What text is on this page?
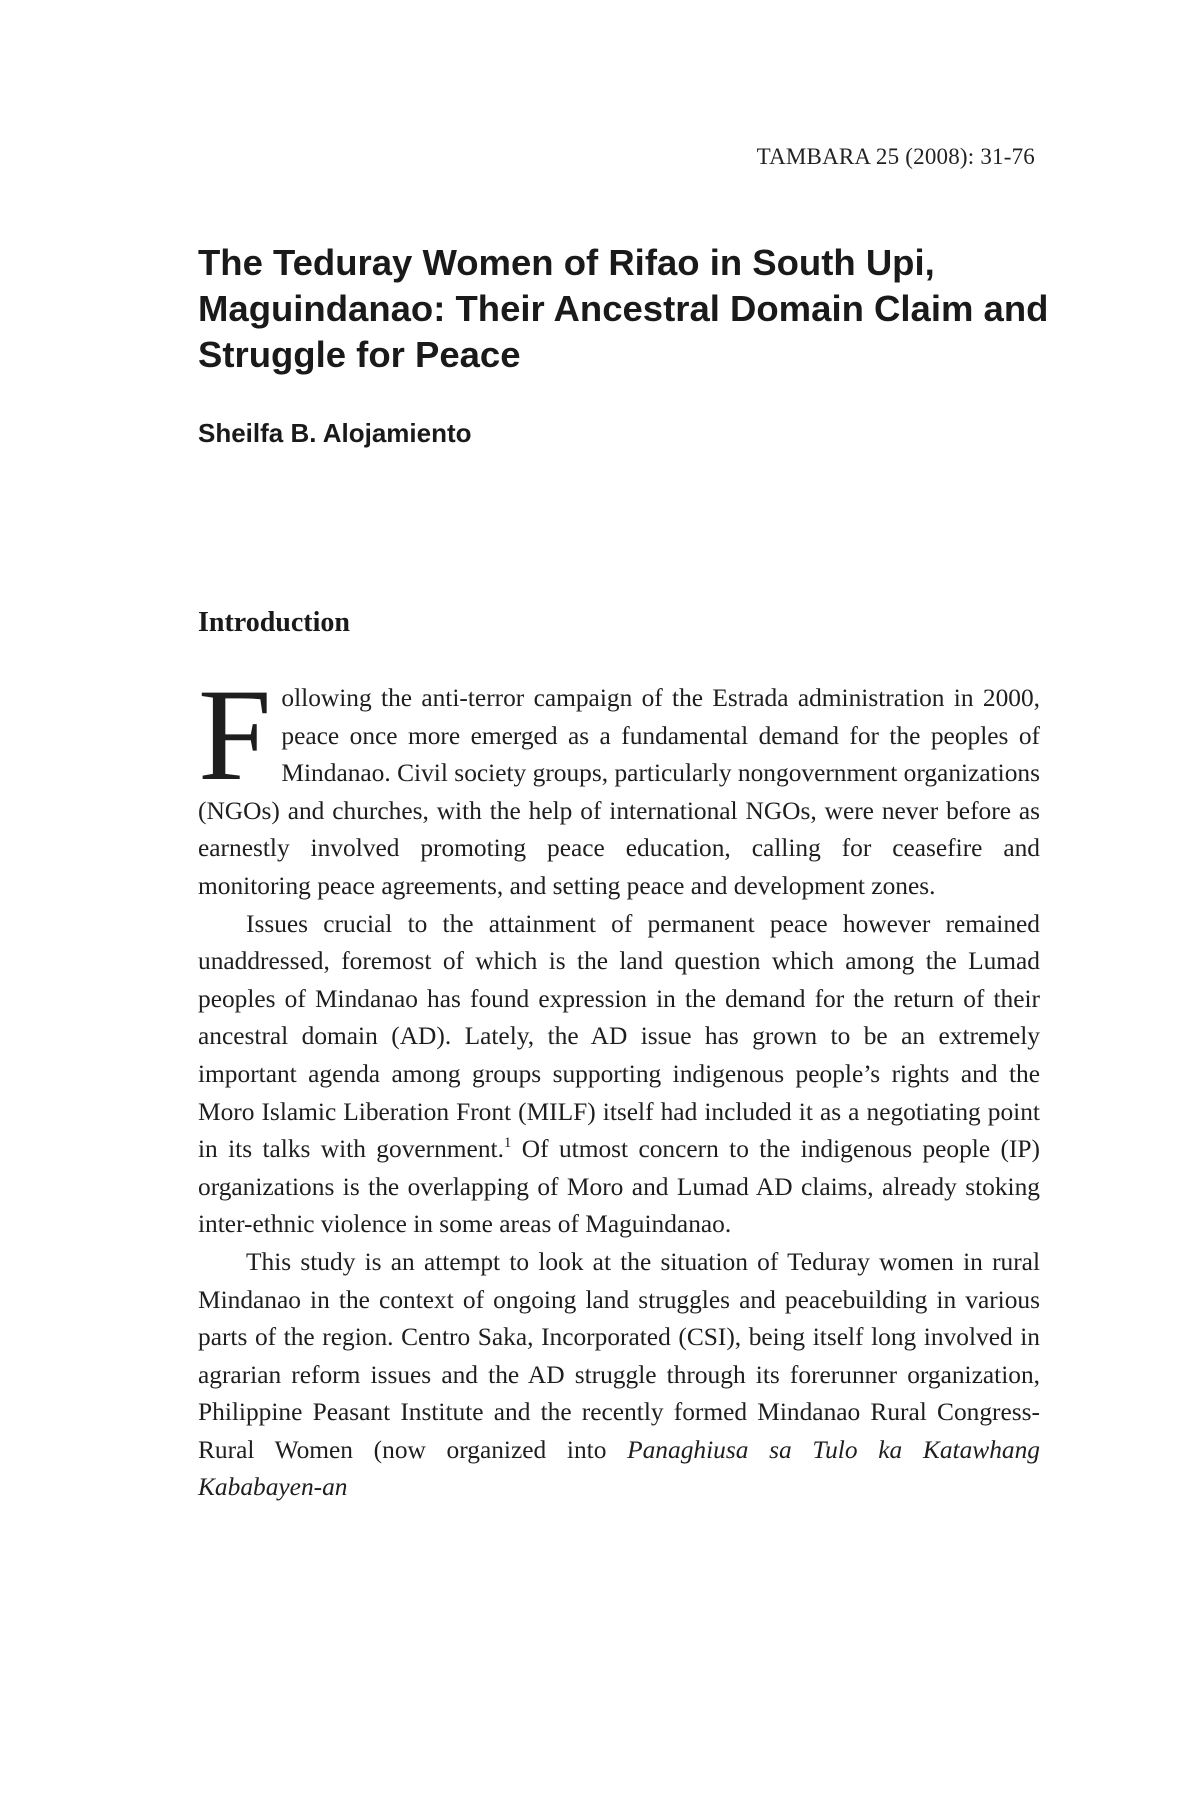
TAMBARA 25 (2008): 31-76
The Teduray Women of Rifao in South Upi, Maguindanao: Their Ancestral Domain Claim and Struggle for Peace

Sheilfa B. Alojamiento

Introduction

Following the anti-terror campaign of the Estrada administration in 2000, peace once more emerged as a fundamental demand for the peoples of Mindanao. Civil society groups, particularly nongovernment organizations (NGOs) and churches, with the help of international NGOs, were never before as earnestly involved promoting peace education, calling for ceasefire and monitoring peace agreements, and setting peace and development zones.

Issues crucial to the attainment of permanent peace however remained unaddressed, foremost of which is the land question which among the Lumad peoples of Mindanao has found expression in the demand for the return of their ancestral domain (AD). Lately, the AD issue has grown to be an extremely important agenda among groups supporting indigenous people’s rights and the Moro Islamic Liberation Front (MILF) itself had included it as a negotiating point in its talks with government.$^1$ Of utmost concern to the indigenous people (IP) organizations is the overlapping of Moro and Lumad AD claims, already stoking inter-ethnic violence in some areas of Maguindanao.

This study is an attempt to look at the situation of Teduray women in rural Mindanao in the context of ongoing land struggles and peacebuilding in various parts of the region. Centro Saka, Incorporated (CSI), being itself long involved in agrarian reform issues and the AD struggle through its forerunner organization, Philippine Peasant Institute and the recently formed Mindanao Rural Congress-Rural Women (now organized into Panaghiusa sa Tulo ka Katawhang Kababayen-an
